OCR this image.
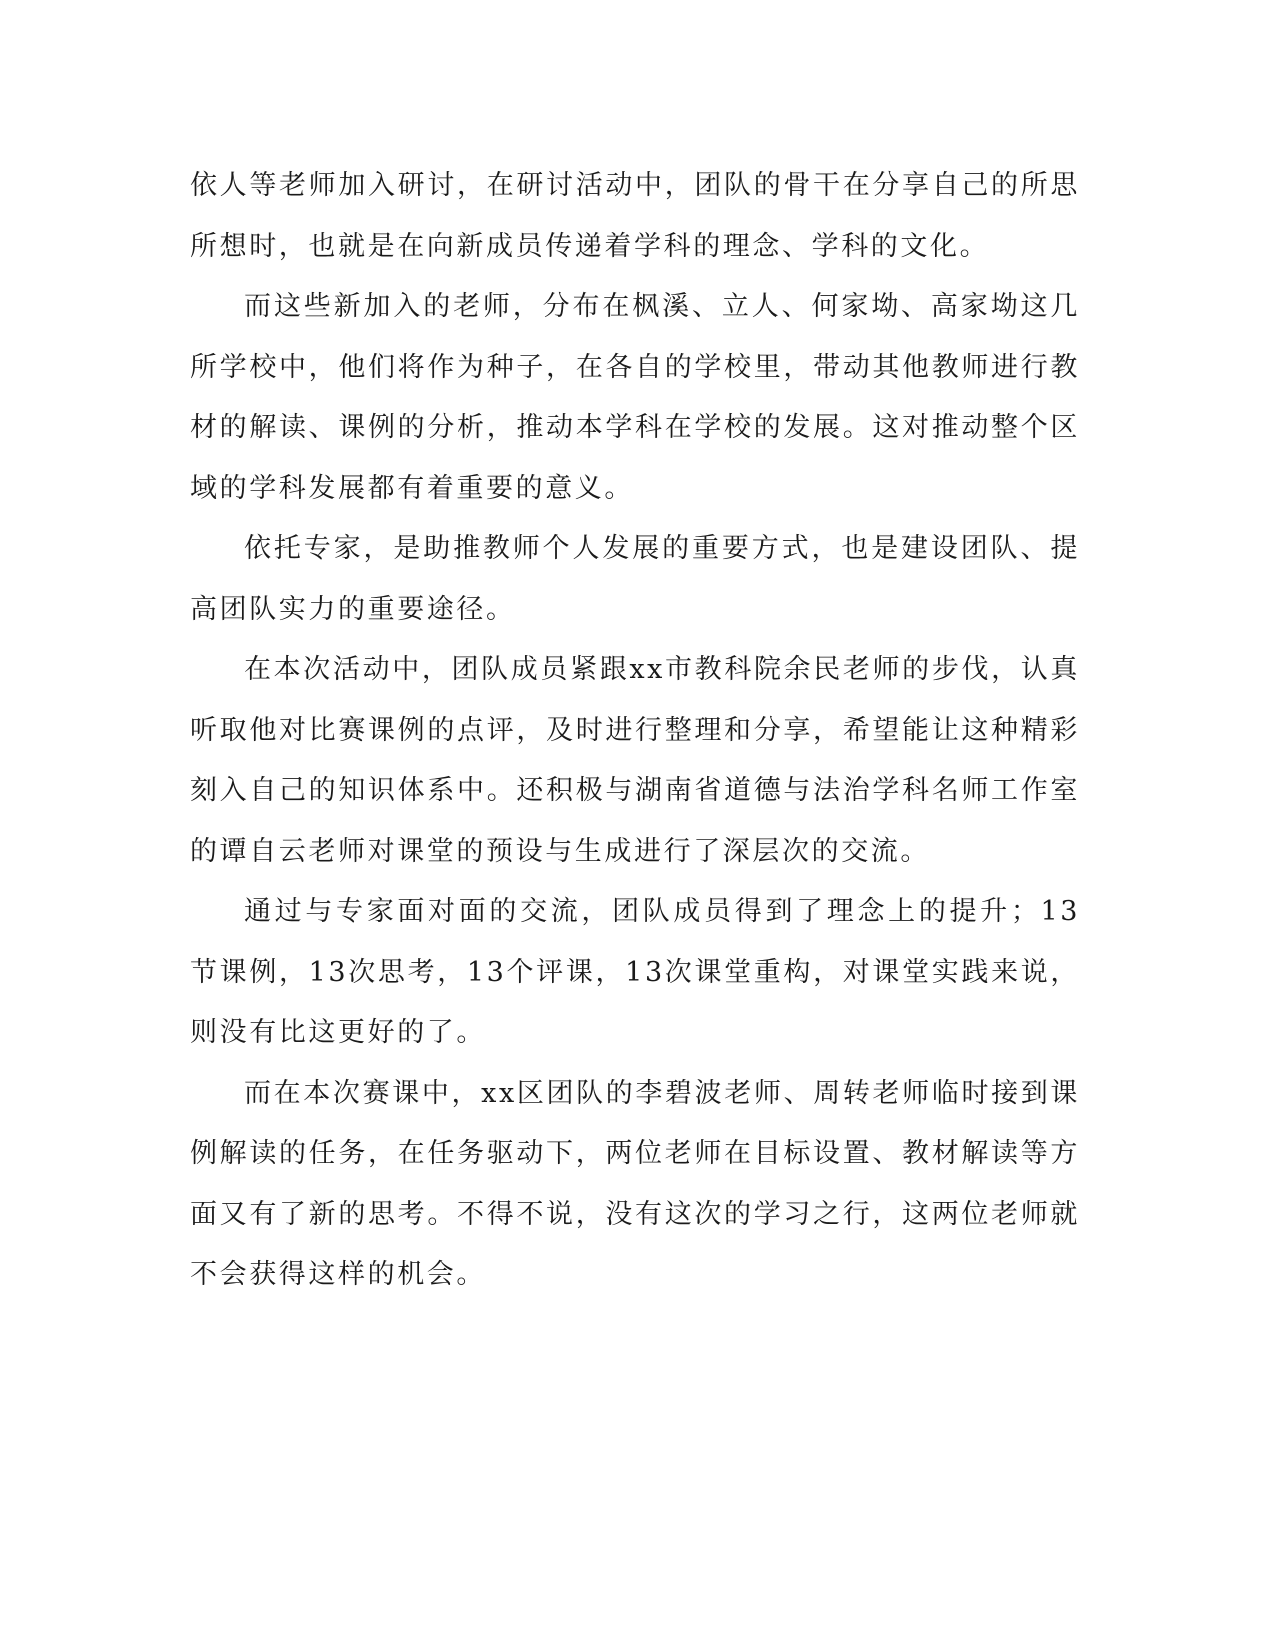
依人等老师加入研讨，在研讨活动中，团队的骨干在分享自己的所思所想时，也就是在向新成员传递着学科的理念、学科的文化。

而这些新加入的老师，分布在枫溪、立人、何家坳、高家坳这几所学校中，他们将作为种子，在各自的学校里，带动其他教师进行教材的解读、课例的分析，推动本学科在学校的发展。这对推动整个区域的学科发展都有着重要的意义。

依托专家，是助推教师个人发展的重要方式，也是建设团队、提高团队实力的重要途径。

在本次活动中，团队成员紧跟xx市教科院余民老师的步伐，认真听取他对比赛课例的点评，及时进行整理和分享，希望能让这种精彩刻入自己的知识体系中。还积极与湖南省道德与法治学科名师工作室的谭自云老师对课堂的预设与生成进行了深层次的交流。

通过与专家面对面的交流，团队成员得到了理念上的提升；13节课例，13次思考，13个评课，13次课堂重构，对课堂实践来说，则没有比这更好的了。

而在本次赛课中，xx区团队的李碧波老师、周转老师临时接到课例解读的任务，在任务驱动下，两位老师在目标设置、教材解读等方面又有了新的思考。不得不说，没有这次的学习之行，这两位老师就不会获得这样的机会。
